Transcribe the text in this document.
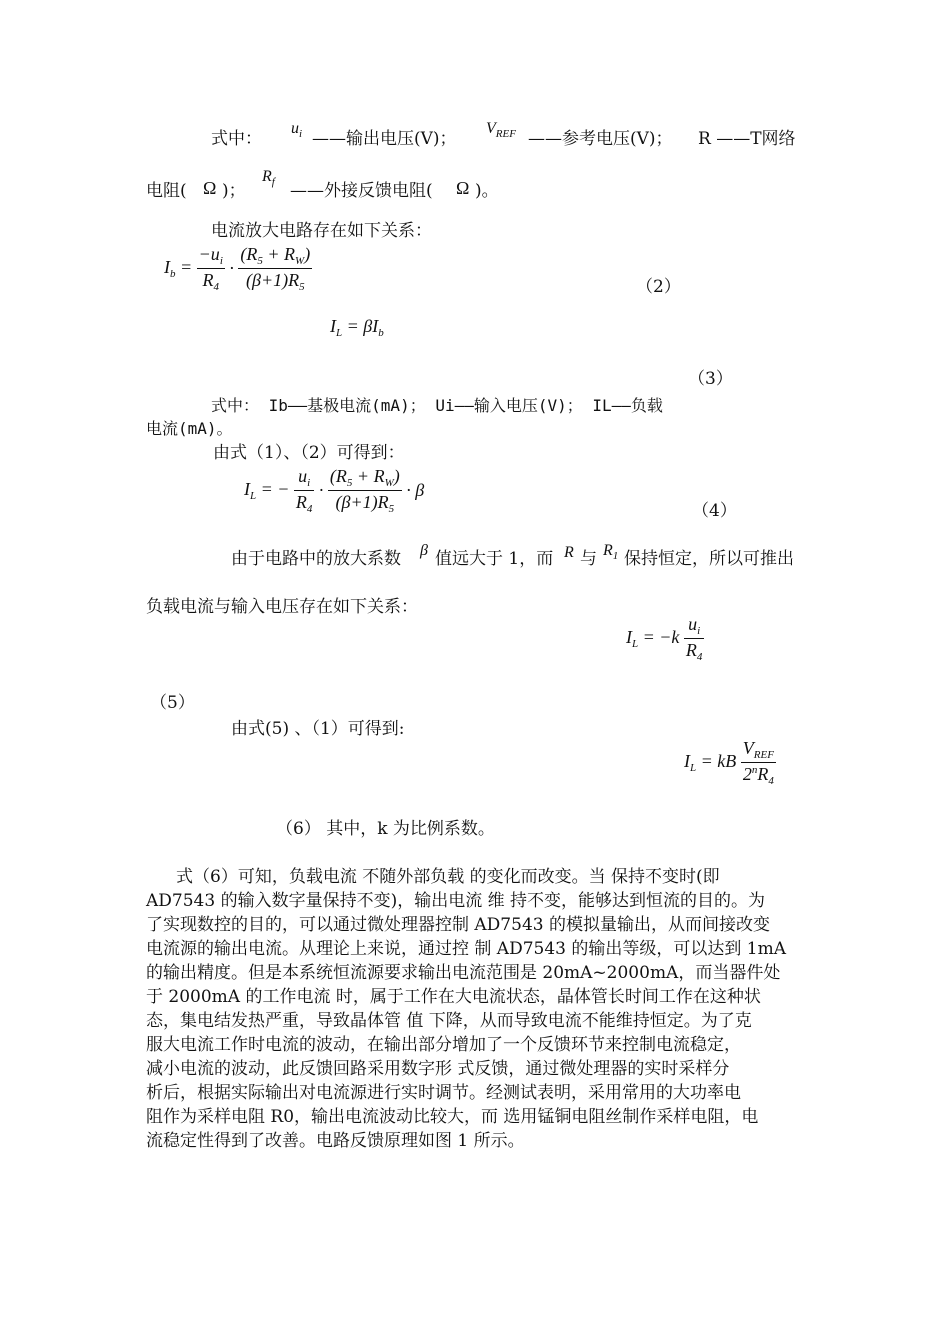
式中：
$u_i$ ——输出电压(V)；
$V_{REF}$ ——参考电压(V)； R ——T网络
电阻( Ω )；
$R_f$ ——外接反馈电阻( Ω )。
电流放大电路存在如下关系：
$I_b = \frac{-u_i}{R_4} \cdot \frac{(R_5 + R_W)}{(\beta+1)R_5}$	（2）
$I_L = \beta I_b$
（3）
式中： Ib——基极电流(mA)； Ui——输入电压(V)； IL——负载
电流(mA)。
由式（1）、（2）可得到：
$I_L$ = − $\frac{u_i}{R_4} \cdot \frac{(R_5 + R_W)}{(\beta+1)R_5} \cdot \beta$
（4）
由于电路中的放大系数 β 值远大于 1，而 R 与 $R_1$ 保持恒定，所以可推出
负载电流与输入电压存在如下关系：
$I_L = -k \frac{u_i}{R_4}$
（5）
由式(5) 、（1）可得到:
$I_L$ = kB $\frac{V_{REF}}{2^nR_4}$
（6） 其中，k 为比例系数。
式（6）可知，负载电流 不随外部负载 的变化而改变。当 保持不变时(即
AD7543 的输入数字量保持不变)，输出电流 维 持不变，能够达到恒流的目的。为
了实现数控的目的，可以通过微处理器控制 AD7543 的模拟量输出，从而间接改变
电流源的输出电流。从理论上来说，通过控 制 AD7543 的输出等级，可以达到 1mA
的输出精度。但是本系统恒流源要求输出电流范围是 20mA~2000mA，而当器件处
于 2000mA 的工作电流 时，属于工作在大电流状态，晶体管长时间工作在这种状
态，集电结发热严重，导致晶体管 值 下降，从而导致电流不能维持恒定。为了克
服大电流工作时电流的波动，在输出部分增加了一个反馈环节来控制电流稳定，
减小电流的波动，此反馈回路采用数字形 式反馈，通过微处理器的实时采样分
析后，根据实际输出对电流源进行实时调节。经测试表明，采用常用的大功率电
阻作为采样电阻 R0，输出电流波动比较大，而 选用锰铜电阻丝制作采样电阻，电
流稳定性得到了改善。电路反馈原理如图 1 所示。
